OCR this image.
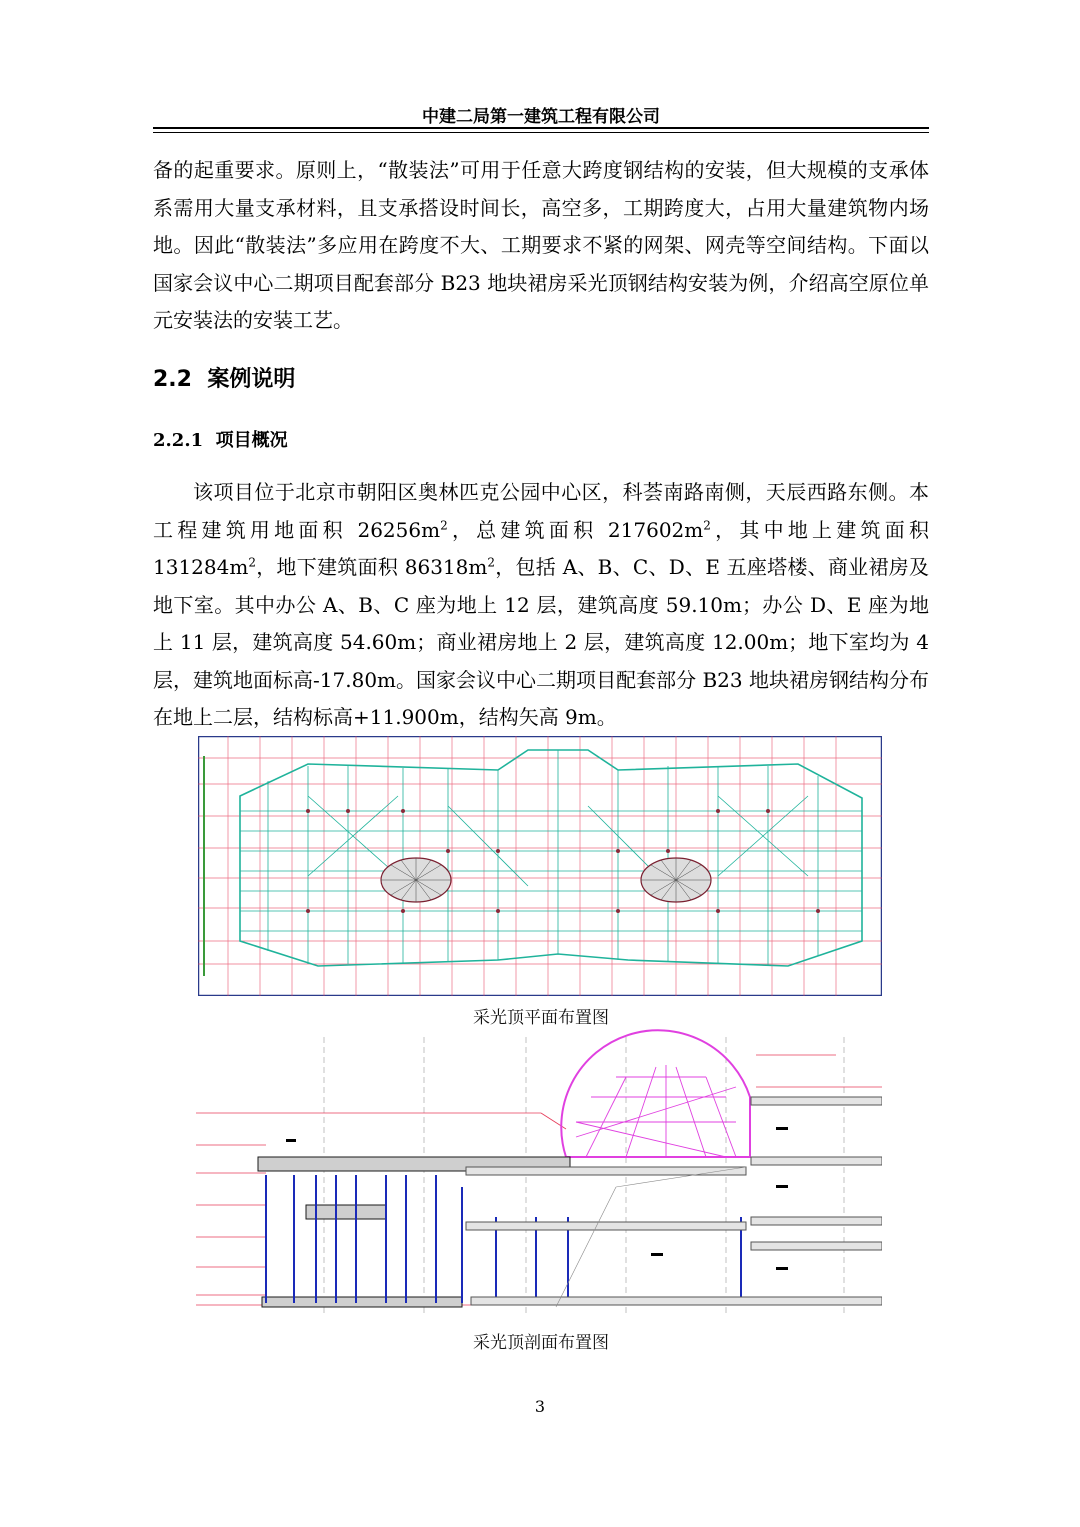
中建二局第一建筑工程有限公司

备的起重要求。原则上，“散装法”可用于任意大跨度钢结构的安装，但大规模的支承体系需用大量支承材料，且支承搭设时间长，高空多，工期跨度大，占用大量建筑物内场地。因此“散装法”多应用在跨度不大、工期要求不紧的网架、网壳等空间结构。下面以国家会议中心二期项目配套部分 B23 地块裙房采光顶钢结构安装为例，介绍高空原位单元安装法的安装工艺。

2.2 案例说明
2.2.1 项目概况

该项目位于北京市朝阳区奥林匹克公园中心区，科荟南路南侧，天辰西路东侧。本工程建筑用地面积 $26256m^2$，总建筑面积 $217602m^2$，其中地上建筑面积 $131284m^2$，地下建筑面积 $86318m^2$，包括 A、B、C、D、E 五座塔楼、商业裙房及地下室。其中办公 A、B、C 座为地上 12 层，建筑高度 59.10m；办公 D、E 座为地上 11 层，建筑高度 54.60m；商业裙房地上 2 层，建筑高度 12.00m；地下室均为 4 层，建筑地面标高-17.80m。国家会议中心二期项目配套部分 B23 地块裙房钢结构分布在地上二层，结构标高+11.900m，结构矢高 9m。

采光顶平面布置图
采光顶剖面布置图
3
